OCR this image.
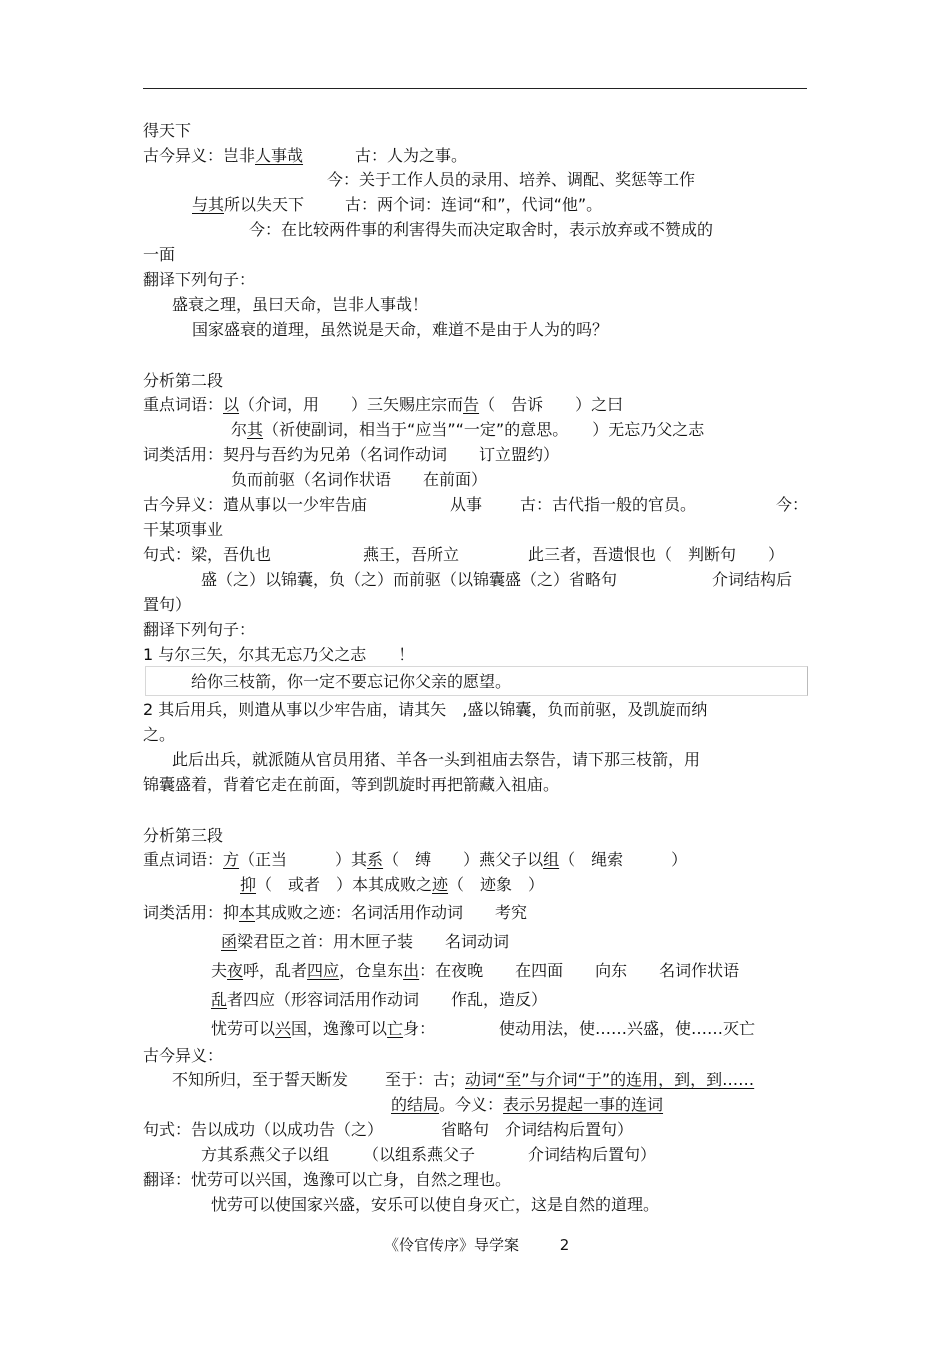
得天下
古今异义：岂非人事哉	古：人为之事。
今：关于工作人员的录用、培养、调配、奖惩等工作
与其所以失天下	古：两个词：连词“和”，代词“他”。
今：在比较两件事的利害得失而决定取舍时，表示放弃或不赞成的
一面
翻译下列句子：
盛衰之理，虽曰天命，岂非人事哉！
国家盛衰的道理，虽然说是天命，难道不是由于人为的吗？
分析第二段
重点词语：以（介词，用　　）三矢赐庄宗而告（　告诉　　）之曰
尔其（祈使副词，相当于“应当”“一定”的意思。　　）无忘乃父之志
词类活用：契丹与吾约为兄弟（名词作动词　　订立盟约）
负而前驱（名词作状语　　在前面）
古今异义：遣从事以一少牢告庙	从事 古：古代指一般的官员。	今：
干某项事业
句式：梁，吾仇也	燕王，吾所立	此三者，吾遗恨也（　判断句　　）
盛（之）以锦囊，负（之）而前驱（以锦囊盛（之）省略句	介词结构后
置句）
翻译下列句子：
1 与尔三矢，尔其无忘乃父之志　　！
给你三枝箭，你一定不要忘记你父亲的愿望。
2 其后用兵，则遣从事以少牢告庙，请其矢　,盛以锦囊，负而前驱，及凯旋而纳
之。
此后出兵，就派随从官员用猪、羊各一头到祖庙去祭告，请下那三枝箭，用
锦囊盛着，背着它走在前面，等到凯旋时再把箭藏入祖庙。
分析第三段
重点词语：方（正当　　　）其系（　缚　　）燕父子以组（　绳索　　　）
抑（　或者　）本其成败之迹（　迹象　）
词类活用：抑本其成败之迹：名词活用作动词　　考究
函梁君臣之首：用木匣子装　　名词动词
夫夜呼，乱者四应，仓皇东出：在夜晚　　在四面　　向东　　名词作状语
乱者四应（形容词活用作动词　　作乱，造反）
忧劳可以兴国，逸豫可以亡身：	使动用法，使……兴盛，使……灭亡
古今异义：
不知所归，至于誓天断发 至于：古；动词“至”与介词“于”的连用，到，到……
的结局。今义：表示另提起一事的连词
句式：告以成功（以成功告（之）	省略句　介词结构后置句）
方其系燕父子以组 （以组系燕父子	介词结构后置句）
翻译：忧劳可以兴国，逸豫可以亡身，自然之理也。
忧劳可以使国家兴盛，安乐可以使自身灭亡，这是自然的道理。
《伶官传序》导学案	2
